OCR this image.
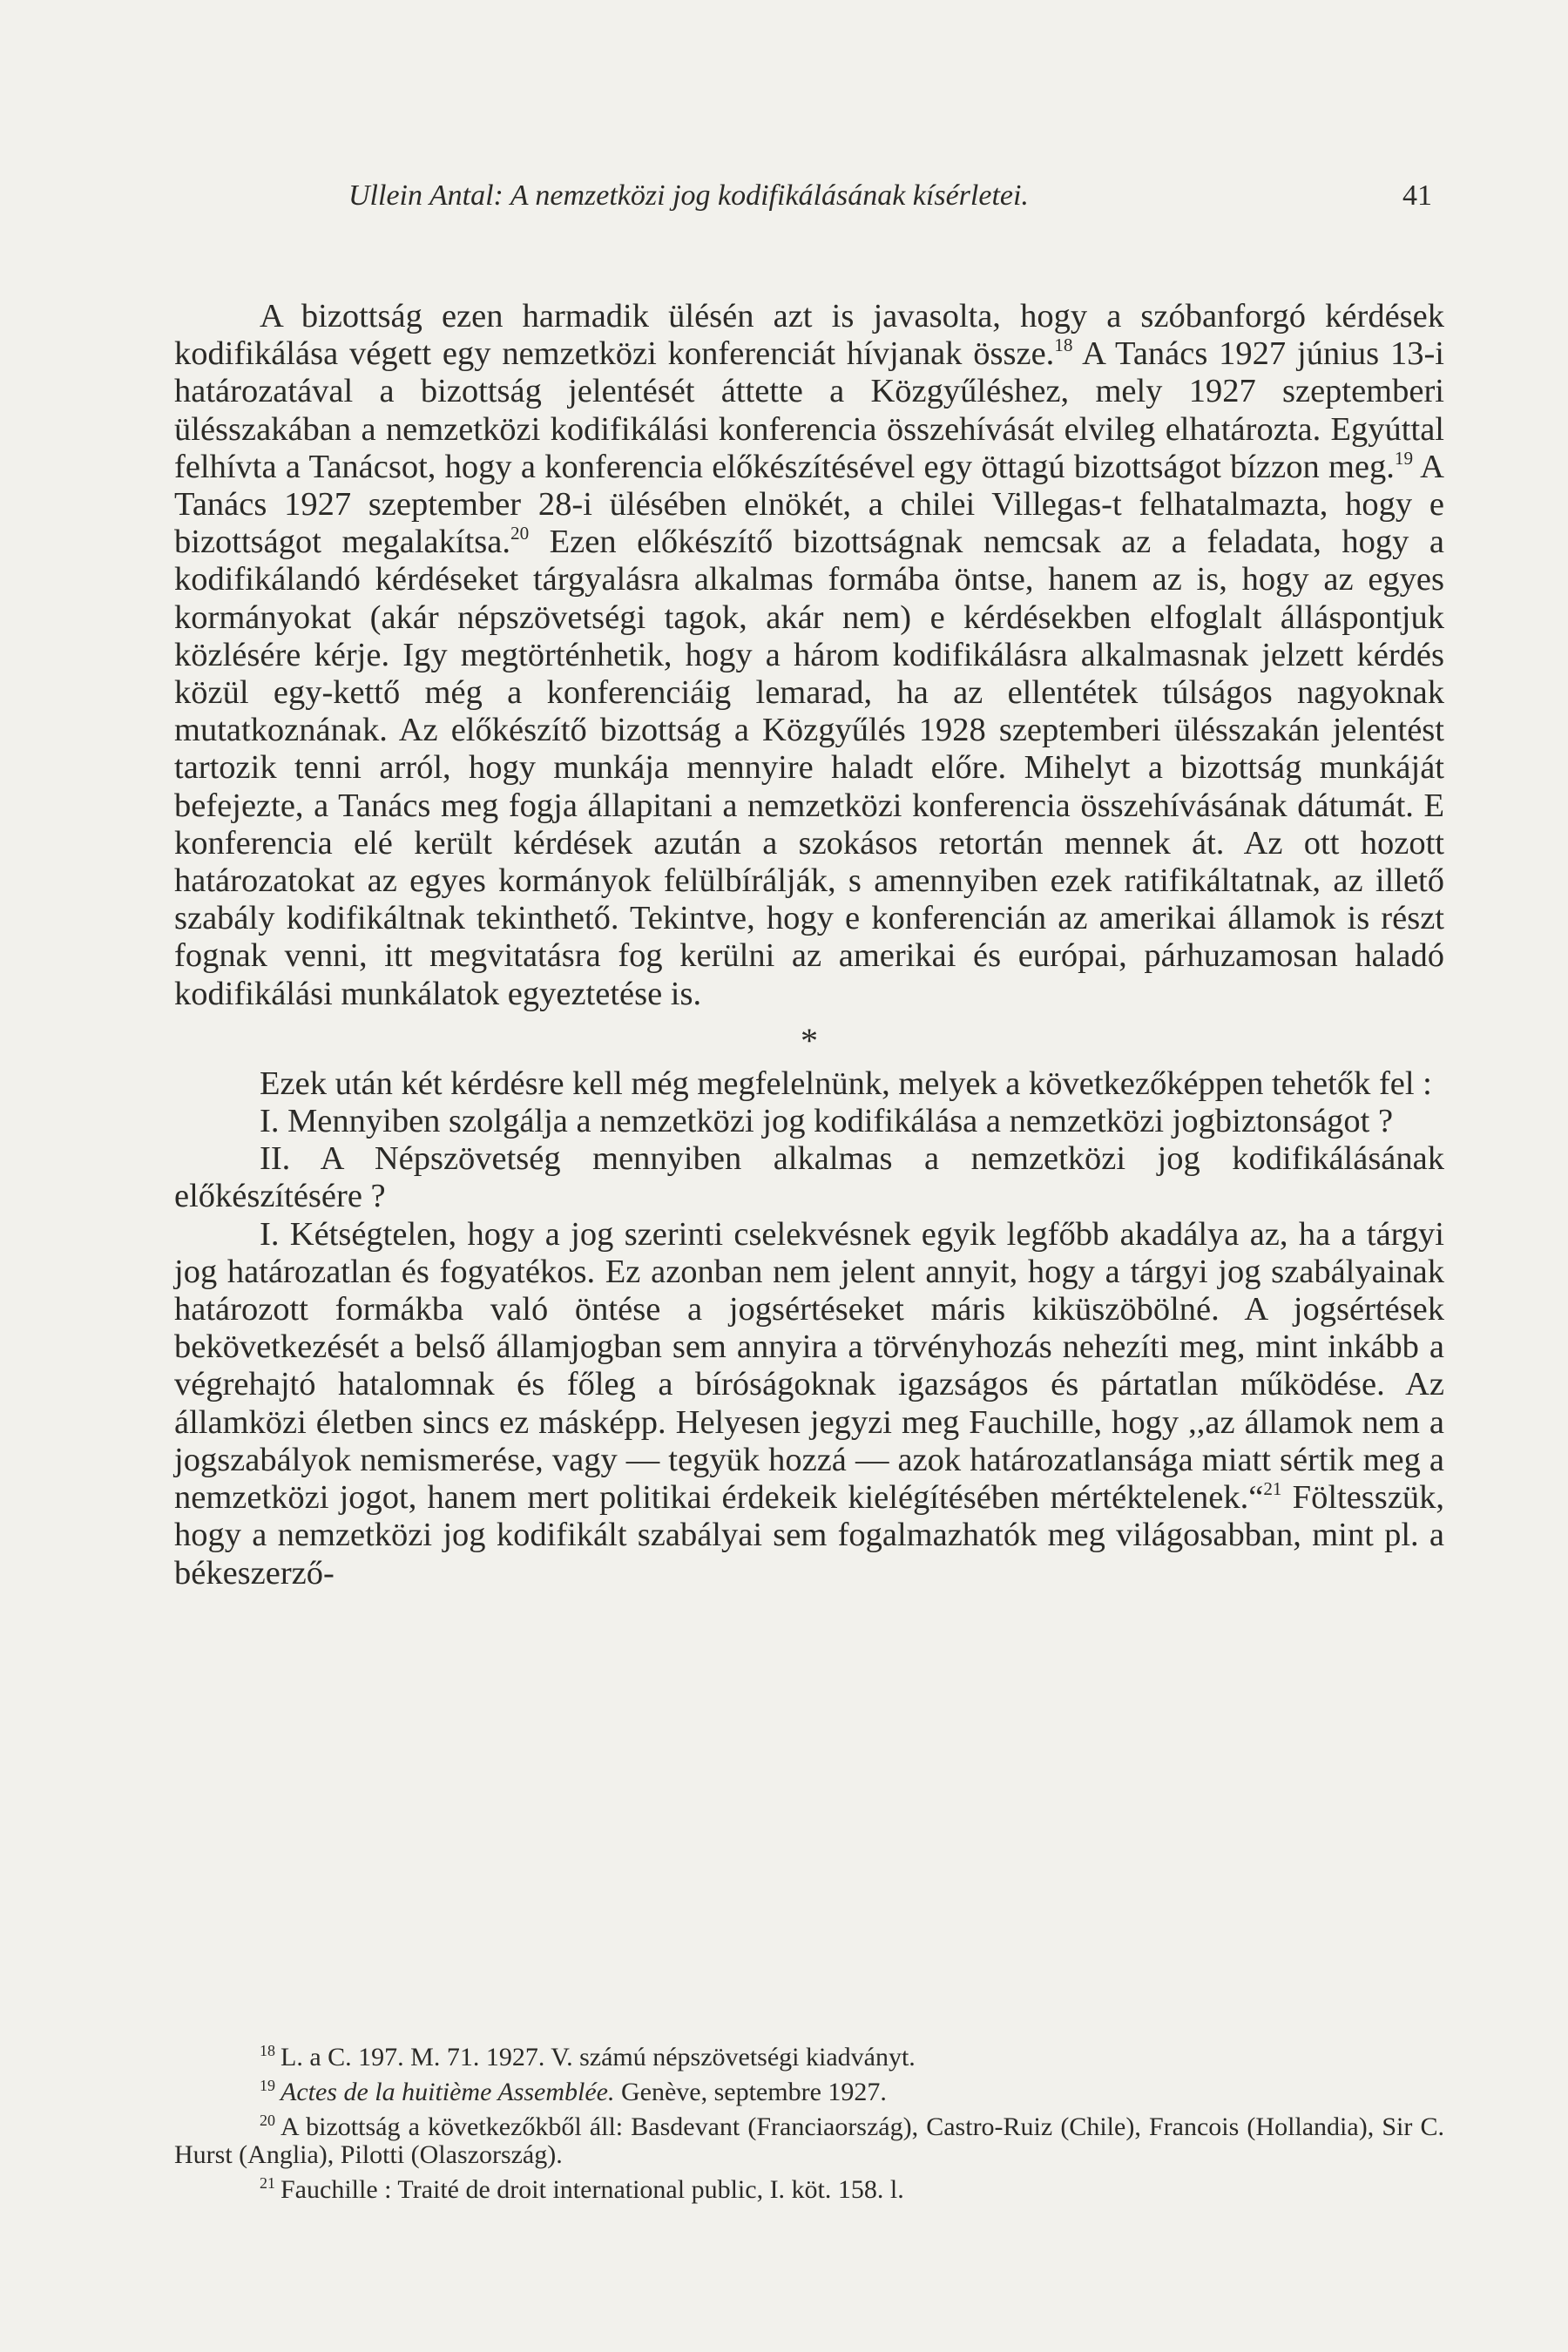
Ullein Antal: A nemzetközi jog kodifikálásának kísérletei.	41

A bizottság ezen harmadik ülésén azt is javasolta, hogy a szóbanforgó kérdések kodifikálása végett egy nemzetközi konferenciát hívjanak össze.$^{18}$ A Tanács 1927 június 13-i határozatával a bizottság jelentését áttette a Közgyűléshez, mely 1927 szeptemberi ülésszakában a nemzetközi kodifikálási konferencia összehívását elvileg elhatározta. Egyúttal felhívta a Tanácsot, hogy a konferencia előkészítésével egy öttagú bizottságot bízzon meg.$^{19}$ A Tanács 1927 szeptember 28-i ülésében elnökét, a chilei Villegas-t felhatalmazta, hogy e bizottságot megalakítsa.$^{20}$ Ezen előkészítő bizottságnak nemcsak az a feladata, hogy a kodifikálandó kérdéseket tárgyalásra alkalmas formába öntse, hanem az is, hogy az egyes kormányokat (akár népszövetségi tagok, akár nem) e kérdésekben elfoglalt álláspontjuk közlésére kérje. Igy megtörténhetik, hogy a három kodifikálásra alkalmasnak jelzett kérdés közül egy-kettő még a konferenciáig lemarad, ha az ellentétek túlságos nagyoknak mutatkoznának. Az előkészítő bizottság a Közgyűlés 1928 szeptemberi ülésszakán jelentést tartozik tenni arról, hogy munkája mennyire haladt előre. Mihelyt a bizottság munkáját befejezte, a Tanács meg fogja állapitani a nemzetközi konferencia összehívásának dátumát. E konferencia elé került kérdések azután a szokásos retortán mennek át. Az ott hozott határozatokat az egyes kormányok felülbírálják, s amennyiben ezek ratifikáltatnak, az illető szabály kodifikáltnak tekinthető. Tekintve, hogy e konferencián az amerikai államok is részt fognak venni, itt megvitatásra fog kerülni az amerikai és európai, párhuzamosan haladó kodifikálási munkálatok egyeztetése is.

*

Ezek után két kérdésre kell még megfelelnünk, melyek a következőképpen tehetők fel :

I. Mennyiben szolgálja a nemzetközi jog kodifikálása a nemzetközi jogbiztonságot ?

II. A Népszövetség mennyiben alkalmas a nemzetközi jog kodifikálásának előkészítésére ?

I. Kétségtelen, hogy a jog szerinti cselekvésnek egyik legfőbb akadálya az, ha a tárgyi jog határozatlan és fogyatékos. Ez azonban nem jelent annyit, hogy a tárgyi jog szabályainak határozott formákba való öntése a jogsértéseket máris kiküszöbölné. A jogsértések bekövetkezését a belső államjogban sem annyira a törvényhozás nehezíti meg, mint inkább a végrehajtó hatalomnak és főleg a bíróságoknak igazságos és pártatlan működése. Az államközi életben sincs ez másképp. Helyesen jegyzi meg Fauchille, hogy ,,az államok nem a jogszabályok nemismerése, vagy — tegyük hozzá — azok határozatlansága miatt sértik meg a nemzetközi jogot, hanem mert politikai érdekeik kielégítésében mértéktelenek.“$^{21}$ Föltesszük, hogy a nemzetközi jog kodifikált szabályai sem fogalmazhatók meg világosabban, mint pl. a békeszerző-

$^{18}$ L. a C. 197. M. 71. 1927. V. számú népszövetségi kiadványt.

$^{19}$ Actes de la huitième Assemblée. Genève, septembre 1927.

$^{20}$ A bizottság a következőkből áll: Basdevant (Franciaország), Castro-Ruiz (Chile), Francois (Hollandia), Sir C. Hurst (Anglia), Pilotti (Olaszország).

$^{21}$ Fauchille : Traité de droit international public, I. köt. 158. l.
